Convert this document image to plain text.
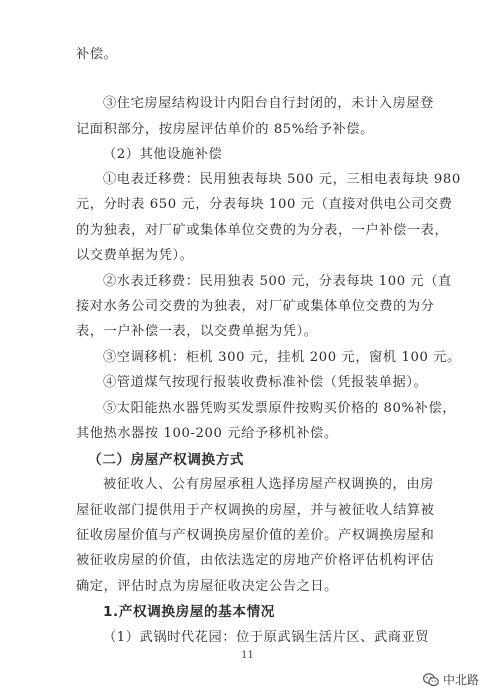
补偿。
③住宅房屋结构设计内阳台自行封闭的，未计入房屋登
记面积部分，按房屋评估单价的 85%给予补偿。
（2）其他设施补偿
①电表迁移费：民用独表每块 500 元，三相电表每块 980
元，分时表 650 元，分表每块 100 元（直接对供电公司交费
的为独表，对厂矿或集体单位交费的为分表，一户补偿一表，
以交费单据为凭）。
②水表迁移费：民用独表 500 元，分表每块 100 元（直
接对水务公司交费的为独表，对厂矿或集体单位交费的为分
表，一户补偿一表，以交费单据为凭）。
③空调移机：柜机 300 元，挂机 200 元，窗机 100 元。
④管道煤气按现行报装收费标准补偿（凭报装单据）。
⑤太阳能热水器凭购买发票原件按购买价格的 80%补偿，
其他热水器按 100-200 元给予移机补偿。
（二）房屋产权调换方式
被征收人、公有房屋承租人选择房屋产权调换的，由房
屋征收部门提供用于产权调换的房屋，并与被征收人结算被
征收房屋价值与产权调换房屋价值的差价。产权调换房屋和
被征收房屋的价值，由依法选定的房地产价格评估机构评估
确定，评估时点为房屋征收决定公告之日。
1.产权调换房屋的基本情况
（1）武锅时代花园：位于原武锅生活片区、武商亚贸
11
中北路
